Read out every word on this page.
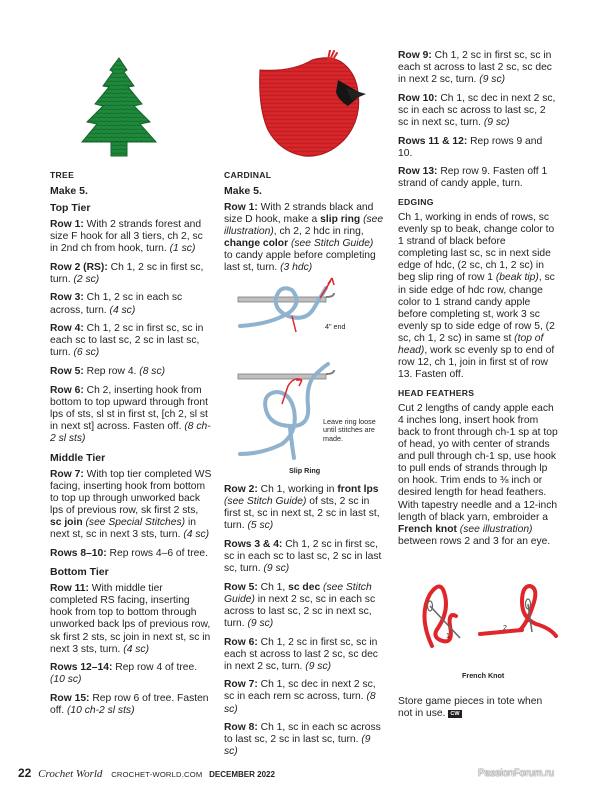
TREE
Make 5.
Top Tier

Row 1: With 2 strands forest and size F hook for all 3 tiers, ch 2, sc in 2nd ch from hook, turn. (1 sc)

Row 2 (RS): Ch 1, 2 sc in first sc, turn. (2 sc)

Row 3: Ch 1, 2 sc in each sc across, turn. (4 sc)

Row 4: Ch 1, 2 sc in first sc, sc in each sc to last sc, 2 sc in last sc, turn. (6 sc)

Row 5: Rep row 4. (8 sc)

Row 6: Ch 2, inserting hook from bottom to top upward through front lps of sts, sl st in first st, [ch 2, sl st in next st] across. Fasten off. (8 ch-2 sl sts)

Middle Tier

Row 7: With top tier completed WS facing, inserting hook from bottom to top up through unworked back lps of previous row, sk first 2 sts, sc join (see Special Stitches) in next st, sc in next 3 sts, turn. (4 sc)

Rows 8–10: Rep rows 4–6 of tree.

Bottom Tier

Row 11: With middle tier completed RS facing, inserting hook from top to bottom through unworked back lps of previous row, sk first 2 sts, sc join in next st, sc in next 3 sts, turn. (4 sc)

Rows 12–14: Rep row 4 of tree. (10 sc)

Row 15: Rep row 6 of tree. Fasten off. (10 ch-2 sl sts)

CARDINAL
Make 5.

Row 1: With 2 strands black and size D hook, make a slip ring (see illustration), ch 2, 2 hdc in ring, change color (see Stitch Guide) to candy apple before completing last st, turn. (3 hdc)

4" end
Leave ring loose until stitches are made.
Slip Ring

Row 2: Ch 1, working in front lps (see Stitch Guide) of sts, 2 sc in first st, sc in next st, 2 sc in last st, turn. (5 sc)

Rows 3 & 4: Ch 1, 2 sc in first sc, sc in each sc to last sc, 2 sc in last sc, turn. (9 sc)

Row 5: Ch 1, sc dec (see Stitch Guide) in next 2 sc, sc in each sc across to last sc, 2 sc in next sc, turn. (9 sc)

Row 6: Ch 1, 2 sc in first sc, sc in each st across to last 2 sc, sc dec in next 2 sc, turn. (9 sc)

Row 7: Ch 1, sc dec in next 2 sc, sc in each rem sc across, turn. (8 sc)

Row 8: Ch 1, sc in each sc across to last sc, 2 sc in last sc, turn. (9 sc)

Row 9: Ch 1, 2 sc in first sc, sc in each st across to last 2 sc, sc dec in next 2 sc, turn. (9 sc)

Row 10: Ch 1, sc dec in next 2 sc, sc in each sc across to last sc, 2 sc in next sc, turn. (9 sc)

Rows 11 & 12: Rep rows 9 and 10.

Row 13: Rep row 9. Fasten off 1 strand of candy apple, turn.

EDGING

Ch 1, working in ends of rows, sc evenly sp to beak, change color to 1 strand of black before completing last sc, sc in next side edge of hdc, (2 sc, ch 1, 2 sc) in beg slip ring of row 1 (beak tip), sc in side edge of hdc row, change color to 1 strand candy apple before completing st, work 3 sc evenly sp to side edge of row 5, (2 sc, ch 1, 2 sc) in same st (top of head), work sc evenly sp to end of row 12, ch 1, join in first st of row 13. Fasten off.

HEAD FEATHERS

Cut 2 lengths of candy apple each 4 inches long, insert hook from back to front through ch-1 sp at top of head, yo with center of strands and pull through ch-1 sp, use hook to pull ends of strands through lp on hook. Trim ends to ⅜ inch or desired length for head feathers. With tapestry needle and a 12-inch length of black yarn, embroider a French knot (see illustration) between rows 2 and 3 for an eye.

1
2
French Knot

Store game pieces in tote when not in use. CW

22 Crochet World CROCHET-WORLD.COM DECEMBER 2022	PassionForum.ru
